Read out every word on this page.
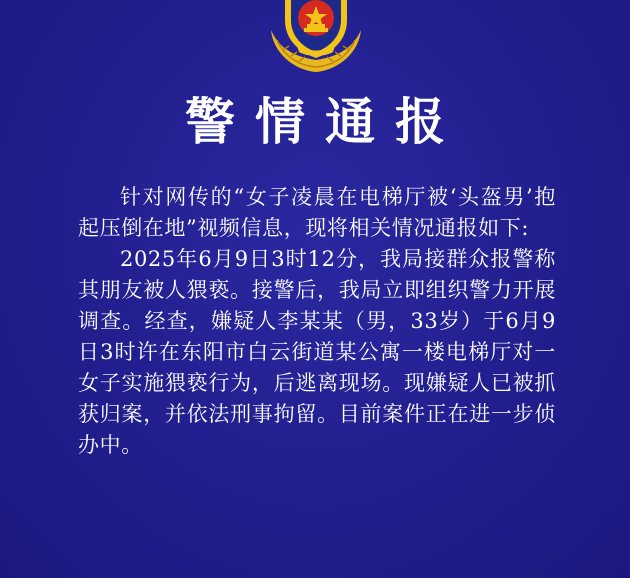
警情通报

针对网传的“女子凌晨在电梯厅被‘头盔男’抱起压倒在地”视频信息，现将相关情况通报如下:

2025年6月9日3时12分，我局接群众报警称其朋友被人猥亵。接警后，我局立即组织警力开展调查。经查，嫌疑人李某某（男，33岁）于6月9日3时许在东阳市白云街道某公寓一楼电梯厅对一女子实施猥亵行为，后逃离现场。现嫌疑人已被抓获归案，并依法刑事拘留。目前案件正在进一步侦办中。
